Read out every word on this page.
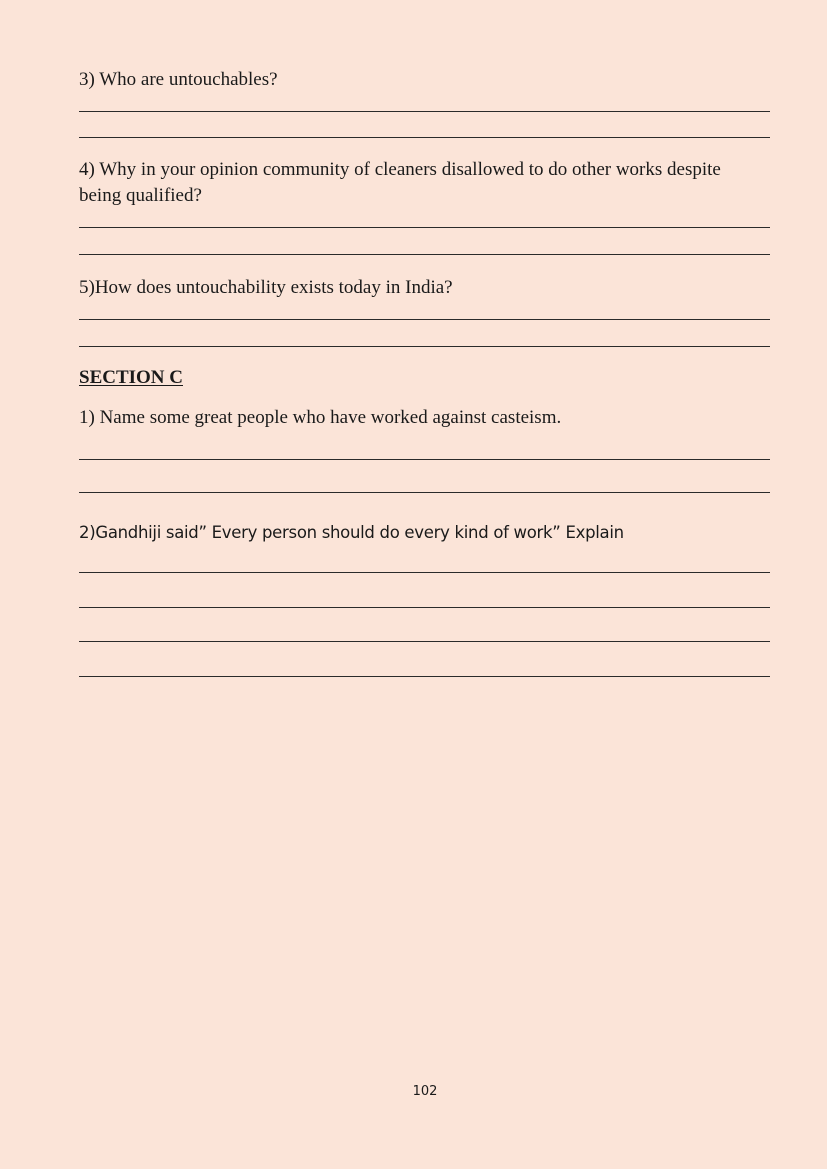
3) Who are untouchables?

4) Why in your opinion community of cleaners disallowed to do other works despite being qualified?

5)How does untouchability exists today in India?

SECTION C

1) Name some great people who have worked against casteism.

2)Gandhiji said” Every person should do every kind of work” Explain

102
